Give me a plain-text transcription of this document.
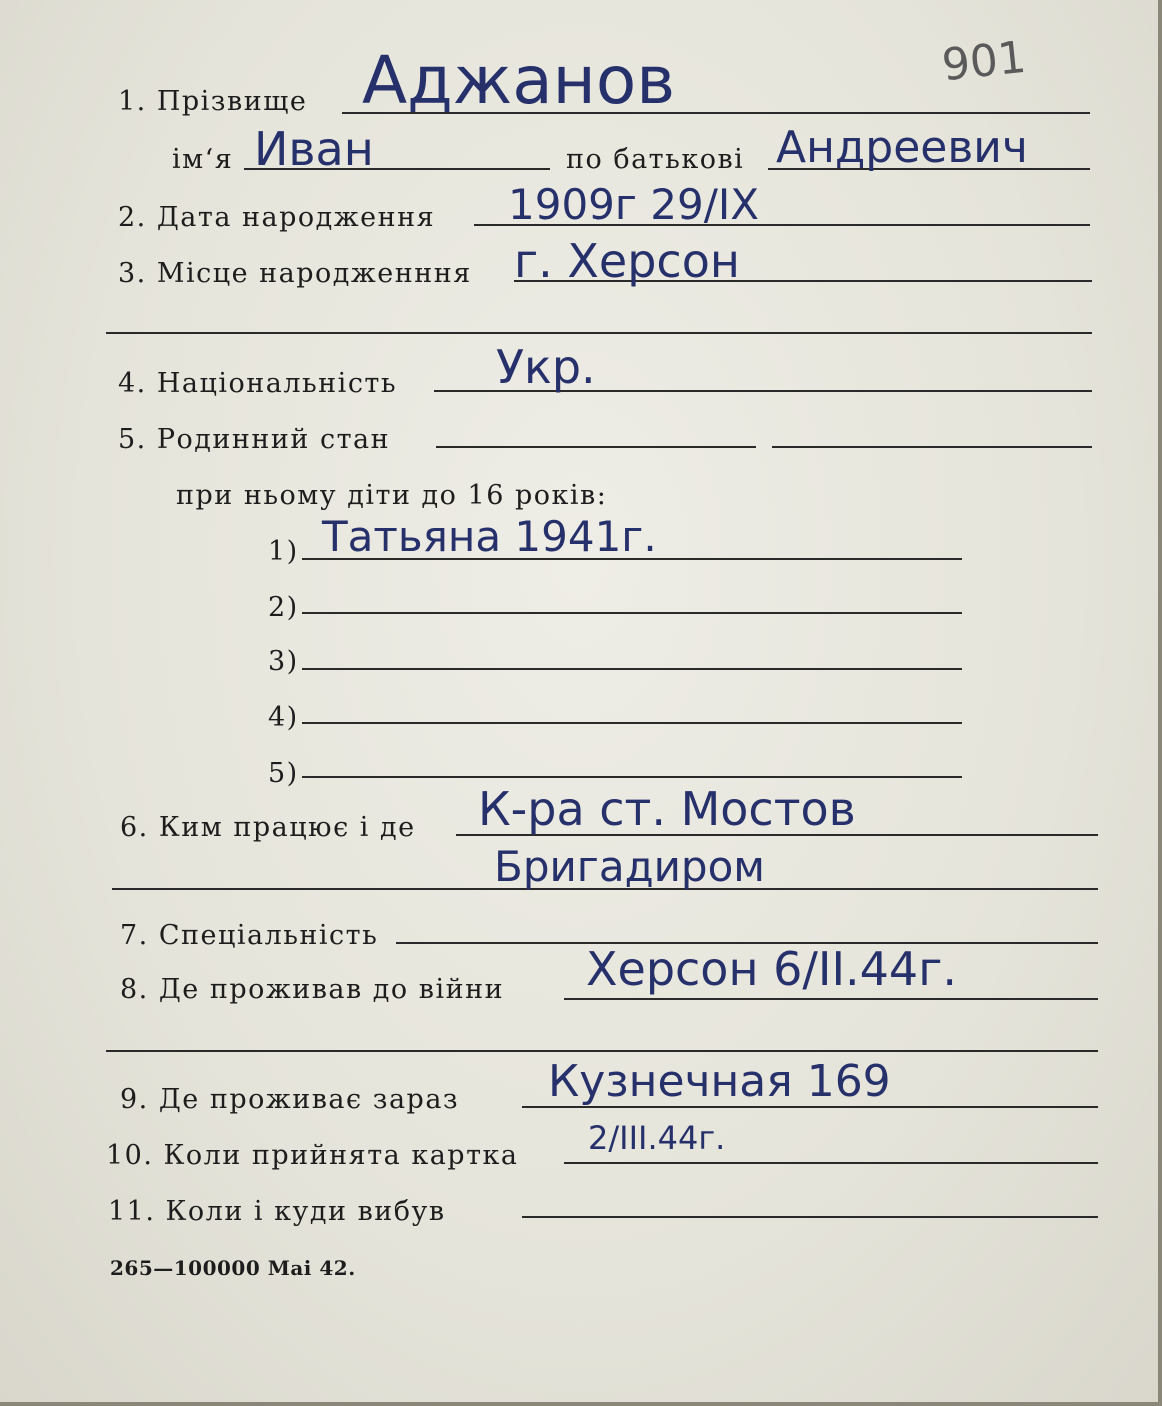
901
1. Прізвище Аджанов
ім‘я Иван	по батькові Андреевич
2. Дата народження 1909г 29/IX
3. Місце народженння г. Херсон
4. Національність Укр.
5. Родинний стан
при ньому діти до 16 років:
1) Татьяна 1941г.
2)
3)
4)
5)
6. Ким працює і де К-ра ст. Мостов
Бригадиром
7. Спеціальність
8. Де проживав до війни Херсон 6/II.44г.
9. Де проживає зараз Кузнечная 169
10. Коли прийнята картка 2/III.44г.
11. Коли і куди вибув
265—100000 Mai 42.
